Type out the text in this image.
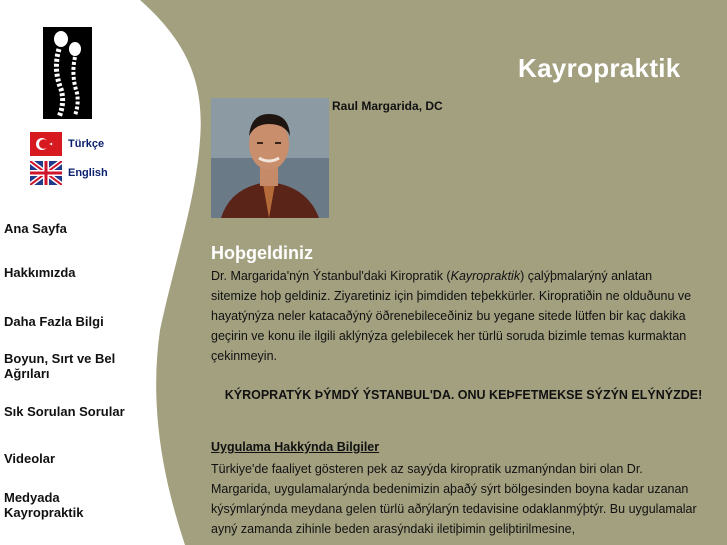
Türkçe
English
Ana Sayfa
Hakkımızda
Daha Fazla Bilgi
Boyun, Sırt ve Bel Ağrıları
Sık Sorulan Sorular
Videolar
Medyada Kayropraktik
Kayropraktik
Raul Margarida, DC
Hoþgeldiniz

Dr. Margarida'nýn Ýstanbul'daki Kiropratik (Kayropraktik) çalýþmalarýný anlatan sitemize hoþ geldiniz. Ziyaretiniz için þimdiden teþekkürler. Kiropratiðin ne olduðunu ve hayatýnýza neler katacaðýný öðrenebileceðiniz bu yegane sitede lütfen bir kaç dakika geçirin ve konu ile ilgili aklýnýza gelebilecek her türlü soruda bizimle temas kurmaktan çekinmeyin.

KÝROPRATÝK ÞÝMDÝ ÝSTANBUL'DA. ONU KEÞFETMEKSE SÝZÝN ELÝNÝZDE!
Uygulama Hakkýnda Bilgiler

Türkiye'de faaliyet gösteren pek az sayýda kiropratik uzmanýndan biri olan Dr. Margarida, uygulamalarýnda bedenimizin aþaðý sýrt bölgesinden boyna kadar uzanan kýsýmlarýnda meydana gelen türlü aðrýlarýn tedavisine odaklanmýþtýr. Bu uygulamalar ayný zamanda zihinle beden arasýndaki iletiþimin geliþtirilmesine,
